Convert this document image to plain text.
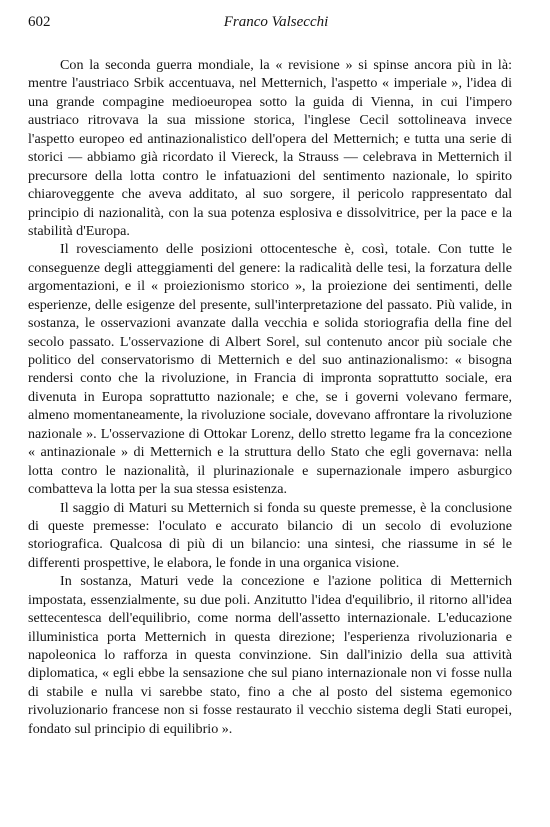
602	Franco Valsecchi

Con la seconda guerra mondiale, la « revisione » si spinse ancora più in là: mentre l'austriaco Srbik accentuava, nel Metternich, l'aspetto « imperiale », l'idea di una grande compagine medioeuropea sotto la guida di Vienna, in cui l'impero austriaco ritrovava la sua missione storica, l'inglese Cecil sottolineava invece l'aspetto europeo ed antinazionalistico dell'opera del Metternich; e tutta una serie di storici — abbiamo già ricordato il Viereck, la Strauss — celebrava in Metternich il precursore della lotta contro le infatuazioni del sentimento nazionale, lo spirito chiaroveggente che aveva additato, al suo sorgere, il pericolo rappresentato dal principio di nazionalità, con la sua potenza esplosiva e dissolvitrice, per la pace e la stabilità d'Europa.

Il rovesciamento delle posizioni ottocentesche è, così, totale. Con tutte le conseguenze degli atteggiamenti del genere: la radicalità delle tesi, la forzatura delle argomentazioni, e il « proiezionismo storico », la proiezione dei sentimenti, delle esperienze, delle esigenze del presente, sull'interpretazione del passato. Più valide, in sostanza, le osservazioni avanzate dalla vecchia e solida storiografia della fine del secolo passato. L'osservazione di Albert Sorel, sul contenuto ancor più sociale che politico del conservatorismo di Metternich e del suo antinazionalismo: « bisogna rendersi conto che la rivoluzione, in Francia di impronta soprattutto sociale, era divenuta in Europa soprattutto nazionale; e che, se i governi volevano fermare, almeno momentaneamente, la rivoluzione sociale, dovevano affrontare la rivoluzione nazionale ». L'osservazione di Ottokar Lorenz, dello stretto legame fra la concezione « antinazionale » di Metternich e la struttura dello Stato che egli governava: nella lotta contro le nazionalità, il plurinazionale e supernazionale impero asburgico combatteva la lotta per la sua stessa esistenza.

Il saggio di Maturi su Metternich si fonda su queste premesse, è la conclusione di queste premesse: l'oculato e accurato bilancio di un secolo di evoluzione storiografica. Qualcosa di più di un bilancio: una sintesi, che riassume in sé le differenti prospettive, le elabora, le fonde in una organica visione.

In sostanza, Maturi vede la concezione e l'azione politica di Metternich impostata, essenzialmente, su due poli. Anzitutto l'idea d'equilibrio, il ritorno all'idea settecentesca dell'equilibrio, come norma dell'assetto internazionale. L'educazione illuministica porta Metternich in questa direzione; l'esperienza rivoluzionaria e napoleonica lo rafforza in questa convinzione. Sin dall'inizio della sua attività diplomatica, « egli ebbe la sensazione che sul piano internazionale non vi fosse nulla di stabile e nulla vi sarebbe stato, fino a che al posto del sistema egemonico rivoluzionario francese non si fosse restaurato il vecchio sistema degli Stati europei, fondato sul principio di equilibrio ».
